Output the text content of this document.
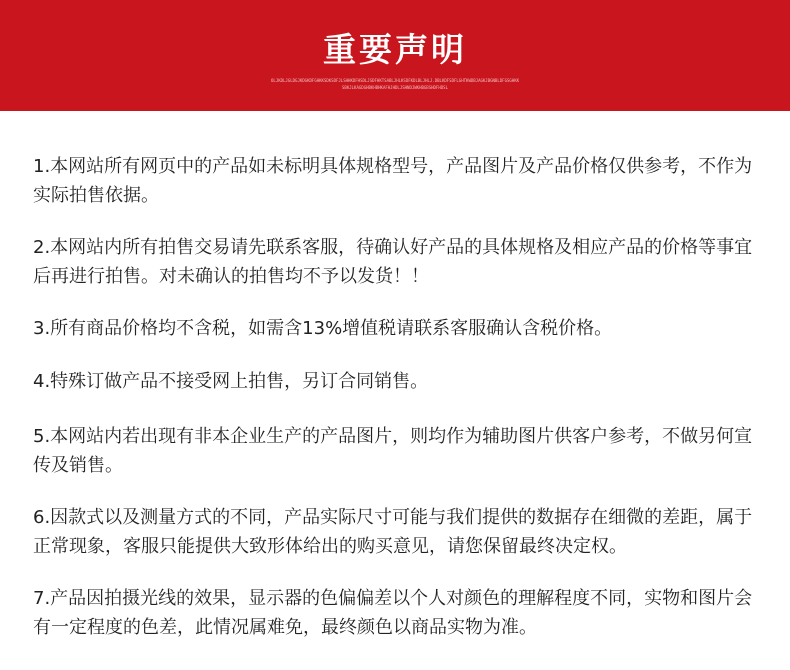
重要声明
OLJKDLJGLDGJKDGKDFGHKKSDKSDFJLSHHKDFHSDLJSDFHKTSABLJHLKSDFKDLBLJHLJ.DBLKDFSDFLGHTKWDBJAGKJBGNBLDFGSGHKKSBKJLKAGDGHBKHBHKAFHJHDLJSHNDJWKHBGBSHDFHDSL

1.本网站所有网页中的产品如未标明具体规格型号，产品图片及产品价格仅供参考，不作为实际拍售依据。

2.本网站内所有拍售交易请先联系客服，待确认好产品的具体规格及相应产品的价格等事宜后再进行拍售。对未确认的拍售均不予以发货！！

3.所有商品价格均不含税，如需含13%增值税请联系客服确认含税价格。

4.特殊订做产品不接受网上拍售，另订合同销售。

5.本网站内若出现有非本企业生产的产品图片，则均作为辅助图片供客户参考，不做另何宣传及销售。

6.因款式以及测量方式的不同，产品实际尺寸可能与我们提供的数据存在细微的差距，属于正常现象，客服只能提供大致形体给出的购买意见，请您保留最终决定权。

7.产品因拍摄光线的效果，显示器的色偏偏差以个人对颜色的理解程度不同，实物和图片会有一定程度的色差，此情况属难免，最终颜色以商品实物为准。
